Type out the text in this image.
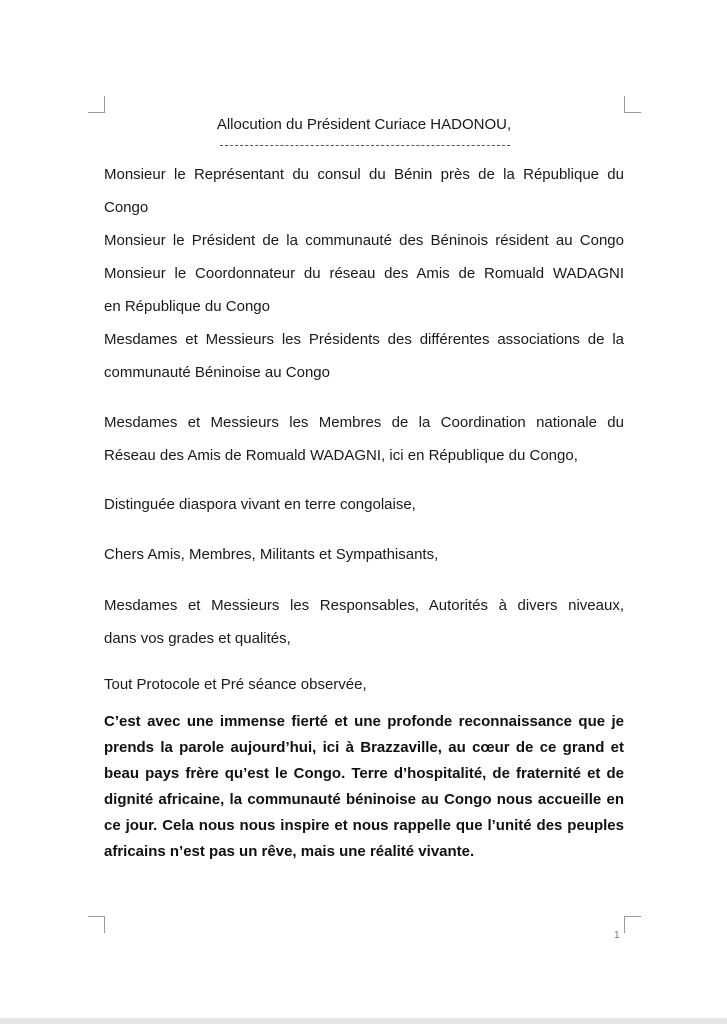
Allocution du Président Curiace HADONOU,
Monsieur le Représentant du consul du Bénin près de la République du
Congo
Monsieur le Président de la communauté des Béninois résident au Congo
Monsieur le Coordonnateur du réseau des Amis de Romuald WADAGNI
en République du Congo
Mesdames et Messieurs les Présidents des différentes associations de la
communauté Béninoise au Congo
Mesdames et Messieurs les Membres de la Coordination nationale du
Réseau des Amis de Romuald WADAGNI, ici en République du Congo,
Distinguée diaspora vivant en terre congolaise,
Chers Amis, Membres, Militants et Sympathisants,
Mesdames et Messieurs les Responsables, Autorités à divers niveaux,
dans vos grades et qualités,
Tout Protocole et Pré séance observée,
C’est avec une immense fierté et une profonde reconnaissance que je
prends la parole aujourd’hui, ici à Brazzaville, au cœur de ce grand et
beau pays frère qu’est le Congo. Terre d’hospitalité, de fraternité et de
dignité africaine, la communauté béninoise au Congo nous accueille en
ce jour. Cela nous nous inspire et nous rappelle que l’unité des peuples
africains n’est pas un rêve, mais une réalité vivante.
1
